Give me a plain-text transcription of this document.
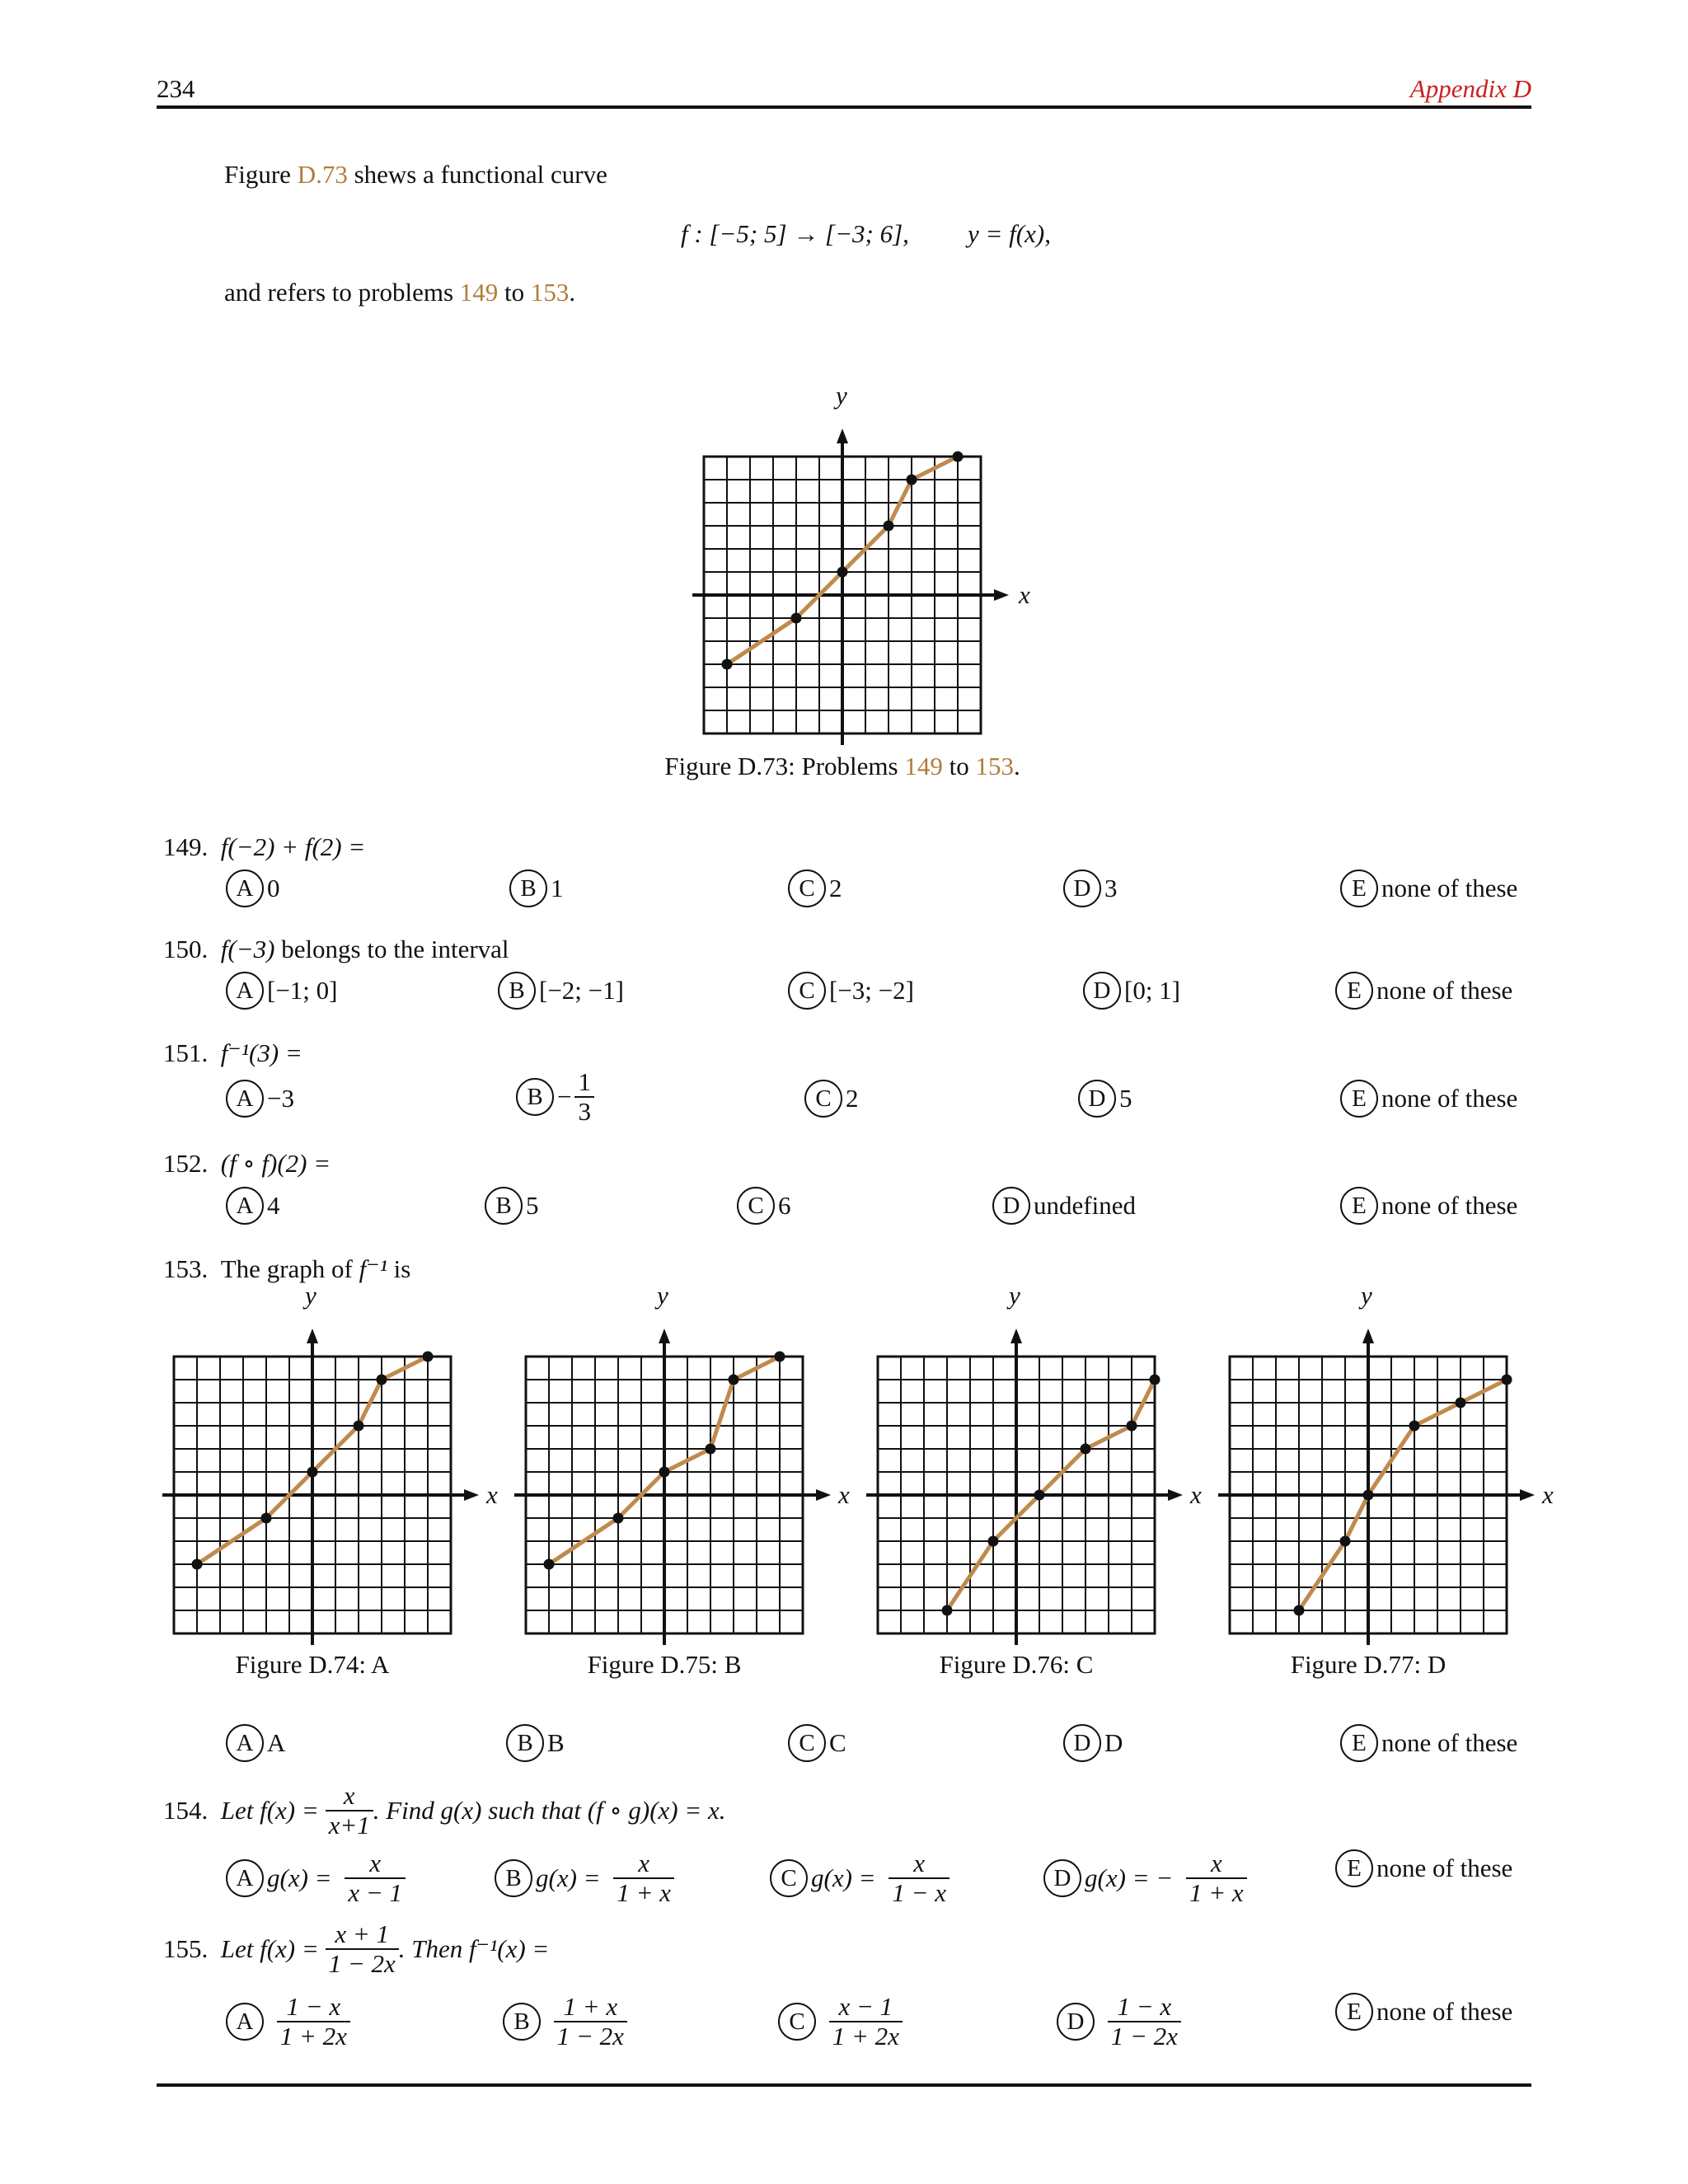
234	Appendix D
Figure D.73 shews a functional curve
f : [−5; 5] → [−3; 6], y = f(x),
and refers to problems 149 to 153.
y
x
Figure D.73: Problems 149 to 153.
149. f(−2) + f(2) =
A 0	B 1	C 2	D 3	E none of these
150. f(−3) belongs to the interval
A [−1; 0]	B [−2; −1]	C [−3; −2]	D [0; 1]	E none of these
151. f⁻¹(3) =
A −3	$B - \frac{1}{3}$	C 2	D 5	E none of these
152. (f ∘ f)(2) =
A 4	B 5	C 6	D undefined	E none of these
153. The graph of f⁻¹ is
y	y	y	y
x	x	x	x
Figure D.74: A	Figure D.75: B	Figure D.76: C	Figure D.77: D
A A	B B	C C	D D	E none of these
154.
Let f(x) =
$\frac{x}{x+1}$ . Find g(x) such that (f ∘ g)(x) = x.
A g(x) =
$\frac{x}{x - 1}$	B g(x) =
$\frac{x}{1 + x}$	C g(x) =
$\frac{x}{1 - x}$	D g(x) = −
$\frac{x}{1 + x}$	E none of these
155.
Let f(x) =
$\frac{x + 1}{1 - 2x}$ . Then f⁻¹(x) =
A
$\frac{1 - x}{1 + 2x}$	B
$\frac{1 + x}{1 - 2x}$	C
$\frac{x - 1}{1 + 2x}$	D
$\frac{1 - x}{1 - 2x}$	E none of these
